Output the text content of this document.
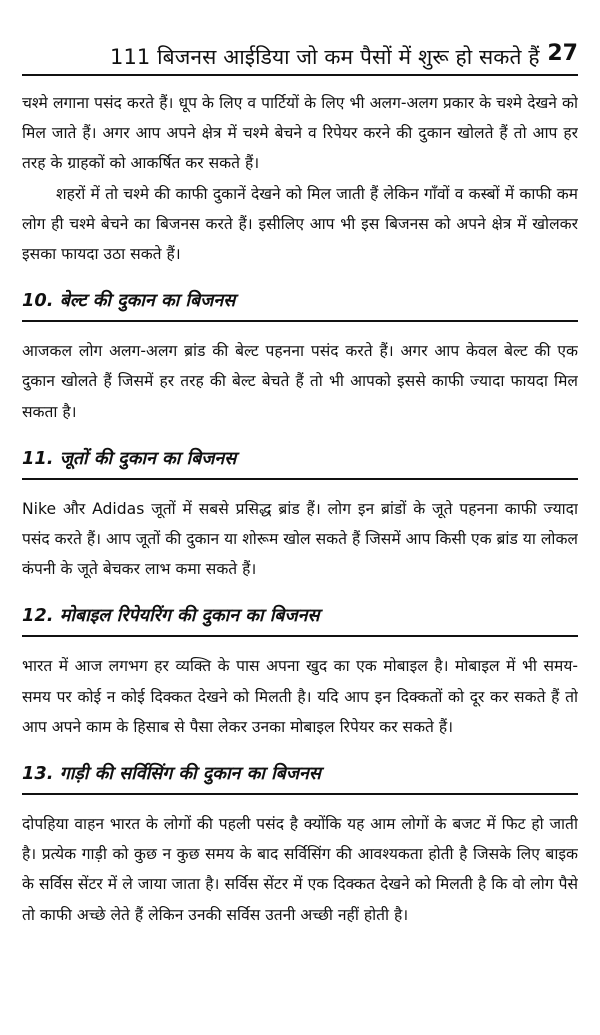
111 बिजनस आईडिया जो कम पैसों में शुरू हो सकते हैं 27

चश्मे लगाना पसंद करते हैं। धूप के लिए व पार्टियों के लिए भी अलग-अलग प्रकार के चश्मे देखने को मिल जाते हैं। अगर आप अपने क्षेत्र में चश्मे बेचने व रिपेयर करने की दुकान खोलते हैं तो आप हर तरह के ग्राहकों को आकर्षित कर सकते हैं।

शहरों में तो चश्मे की काफी दुकानें देखने को मिल जाती हैं लेकिन गाँवों व कस्बों में काफी कम लोग ही चश्मे बेचने का बिजनस करते हैं। इसीलिए आप भी इस बिजनस को अपने क्षेत्र में खोलकर इसका फायदा उठा सकते हैं।

10. बेल्ट की दुकान का बिजनस

आजकल लोग अलग-अलग ब्रांड की बेल्ट पहनना पसंद करते हैं। अगर आप केवल बेल्ट की एक दुकान खोलते हैं जिसमें हर तरह की बेल्ट बेचते हैं तो भी आपको इससे काफी ज्यादा फायदा मिल सकता है।

11. जूतों की दुकान का बिजनस

Nike और Adidas जूतों में सबसे प्रसिद्ध ब्रांड हैं। लोग इन ब्रांडों के जूते पहनना काफी ज्यादा पसंद करते हैं। आप जूतों की दुकान या शोरूम खोल सकते हैं जिसमें आप किसी एक ब्रांड या लोकल कंपनी के जूते बेचकर लाभ कमा सकते हैं।

12. मोबाइल रिपेयरिंग की दुकान का बिजनस

भारत में आज लगभग हर व्यक्ति के पास अपना खुद का एक मोबाइल है। मोबाइल में भी समय-समय पर कोई न कोई दिक्कत देखने को मिलती है। यदि आप इन दिक्कतों को दूर कर सकते हैं तो आप अपने काम के हिसाब से पैसा लेकर उनका मोबाइल रिपेयर कर सकते हैं।

13. गाड़ी की सर्विसिंग की दुकान का बिजनस

दोपहिया वाहन भारत के लोगों की पहली पसंद है क्योंकि यह आम लोगों के बजट में फिट हो जाती है। प्रत्येक गाड़ी को कुछ न कुछ समय के बाद सर्विसिंग की आवश्यकता होती है जिसके लिए बाइक के सर्विस सेंटर में ले जाया जाता है। सर्विस सेंटर में एक दिक्कत देखने को मिलती है कि वो लोग पैसे तो काफी अच्छे लेते हैं लेकिन उनकी सर्विस उतनी अच्छी नहीं होती है।
